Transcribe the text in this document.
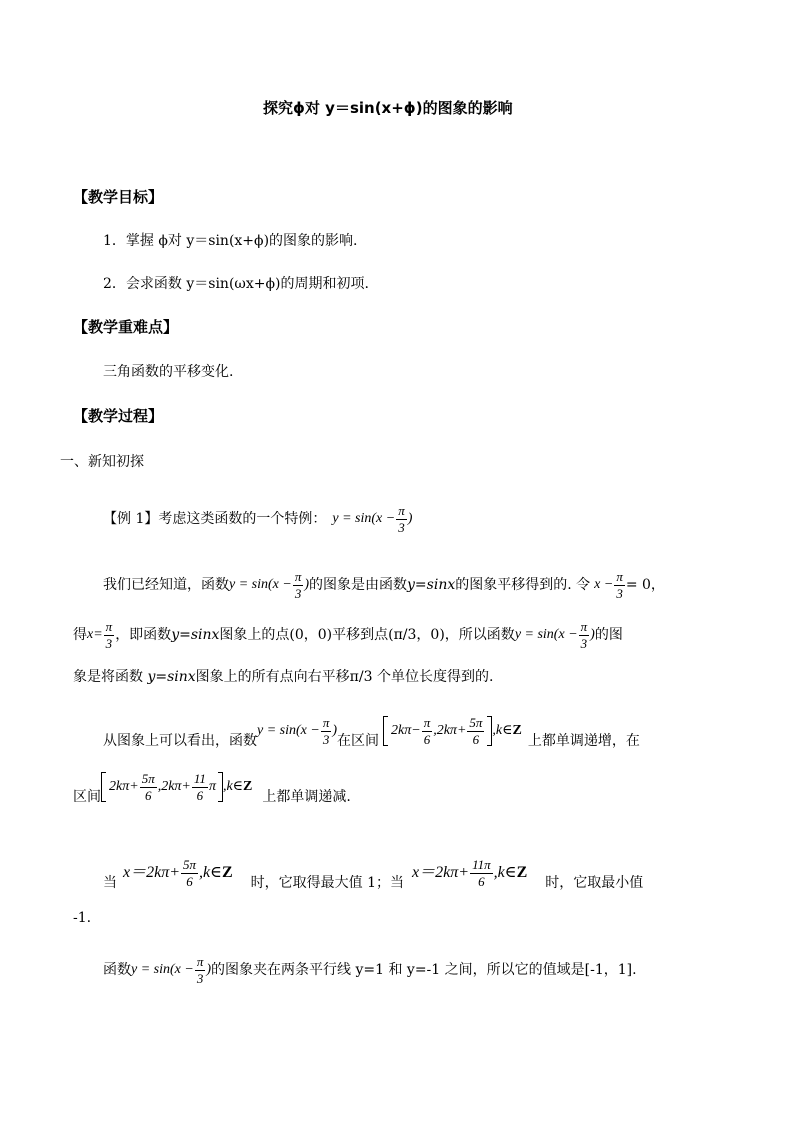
探究ϕ对 y＝sin(x+ϕ)的图象的影响
【教学目标】
1．掌握 ϕ对 y＝sin(x+ϕ)的图象的影响.
2．会求函数 y＝sin(ωx+ϕ)的周期和初项.
【教学重难点】
三角函数的平移变化.
【教学过程】
一、新知初探
【例 1】考虑这类函数的一个特例： $y = \sin(x - \frac{\pi}{3}$ )
我们已经知道，函数 $y = \sin(x - \frac{\pi}{3}$ ) 的图象是由函数 y=sinx 的图象平移得到的. 令 $x - \frac{\pi}{3} = 0$，
得 $x= \frac{\pi}{3}$ ，即函数 y=sinx 图象上的点(0，0)平移到点(π/3，0)，所以函数 $y = \sin(x - \frac{\pi}{3}$ ) 的图
象是将函数 y=sinx图象上的所有点向右平移π/3 个单位长度得到的.
从图象上可以看出，函数
$y = \sin(x - \frac{\pi}{3}$ )
在区间
$2k\pi- \frac{\pi}{6}$ , $2k\pi+ \frac{5\pi}{6}$ ,k∈ Z
上都单调递增，在
区间
$2k\pi+ \frac{5\pi}{6}$ , $2k\pi+ \frac{11}{6}$ π ,k∈ Z
上都单调递减.
当
$x=2k\pi+ \frac{5\pi}{6}$ ,k∈ Z
时，它取得最大值 1；当
$x=2k\pi+ \frac{11\pi}{6}$ ,k∈ Z
时，它取最小值
-1.
函数 $y = \sin(x - \frac{\pi}{3}$ ) 的图象夹在两条平行线 y=1 和 y=-1 之间，所以它的值域是[-1，1].
